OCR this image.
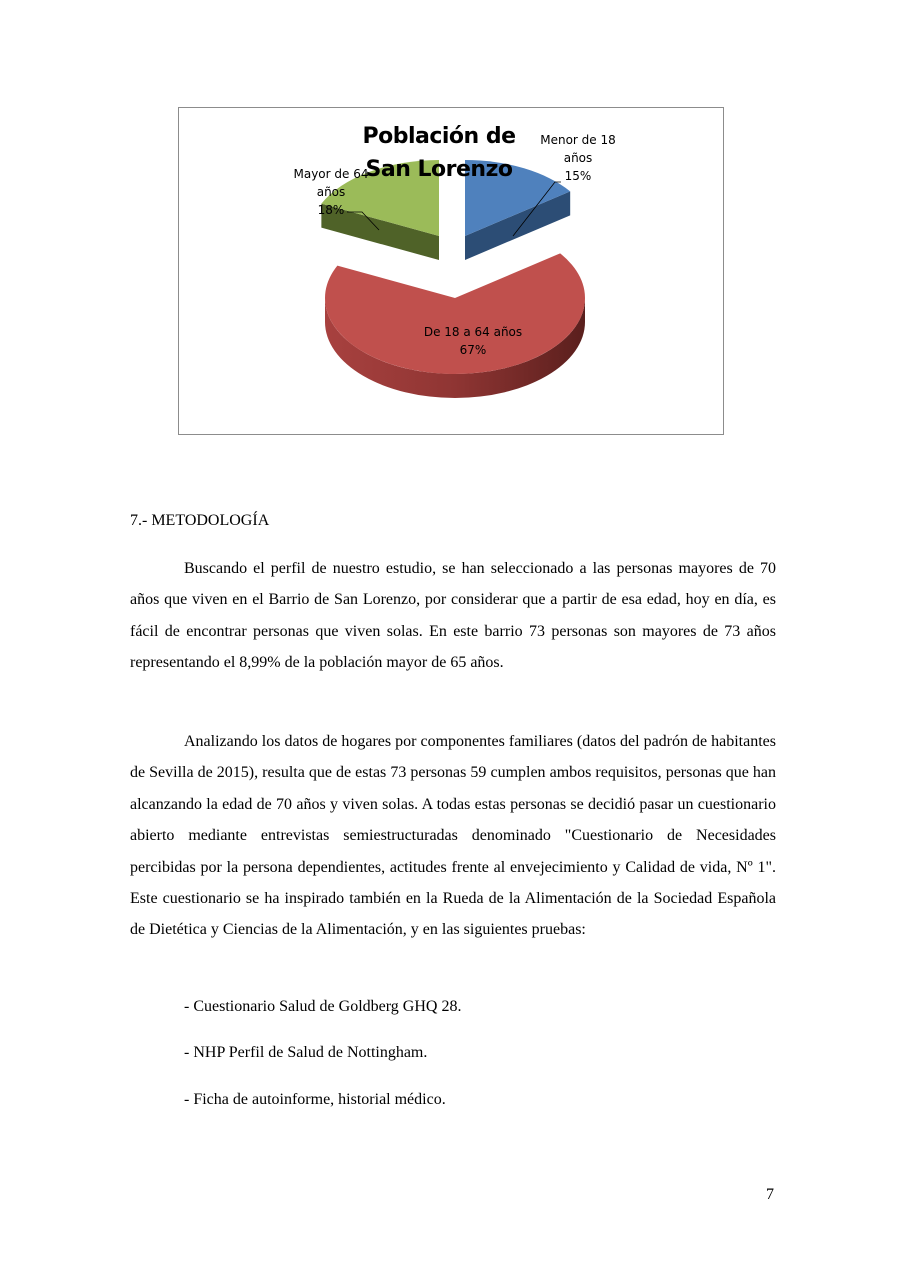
Población de
San Lorenzo
Menor de 18
años
15%
Mayor de 64
años
18%
De 18 a 64 años
67%
7.- METODOLOGÍA

Buscando el perfil de nuestro estudio, se han seleccionado a las personas mayores de 70 años que viven en el Barrio de San Lorenzo, por considerar que a partir de esa edad, hoy en día, es fácil de encontrar personas que viven solas. En este barrio 73 personas son mayores de 73 años representando el 8,99% de la población mayor de 65 años.

Analizando los datos de hogares por componentes familiares (datos del padrón de habitantes de Sevilla de 2015), resulta que de estas 73 personas 59 cumplen ambos requisitos, personas que han alcanzando la edad de 70 años y viven solas. A todas estas personas se decidió pasar un cuestionario abierto mediante entrevistas semiestructuradas denominado "Cuestionario de Necesidades percibidas por la persona dependientes, actitudes frente al envejecimiento y Calidad de vida, Nº 1". Este cuestionario se ha inspirado también en la Rueda de la Alimentación de la Sociedad Española de Dietética y Ciencias de la Alimentación, y en las siguientes pruebas:

- Cuestionario Salud de Goldberg GHQ 28.
- NHP Perfil de Salud de Nottingham.
- Ficha de autoinforme, historial médico.
7
